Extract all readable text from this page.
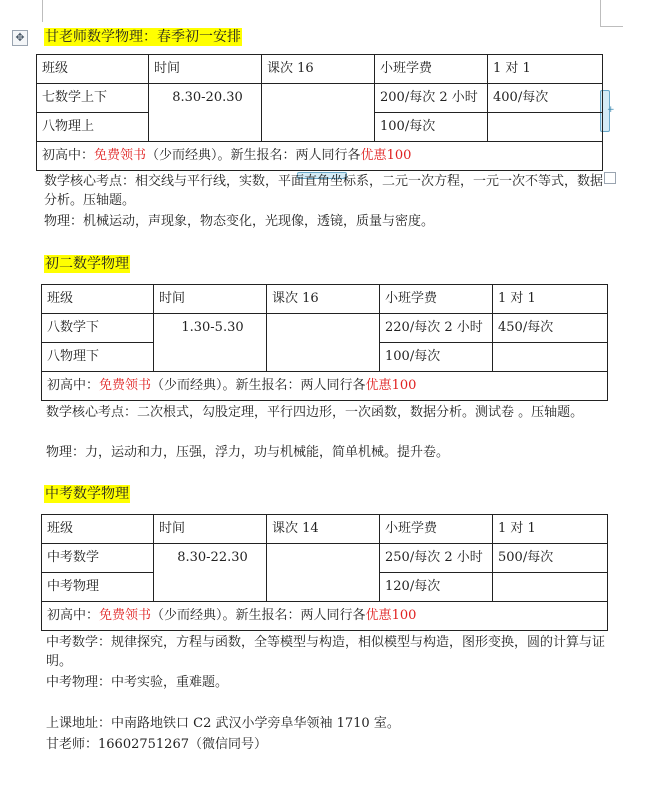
✥
+
甘老师数学物理：春季初一安排
班级	时间	课次 16	小班学费	1 对 1
七数学上下	8.30-20.30		200/每次 2 小时	400/每次
八物理上			100/每次	
初高中：免费领书（少而经典）。新生报名：两人同行各优惠100				
数学核心考点：相交线与平行线，实数，平面直角坐标系，二元一次方程，一元一次不等式，数据分析。压轴题。
物理：机械运动，声现象，物态变化，光现像，透镜，质量与密度。
初二数学物理
班级	时间	课次 16	小班学费	1 对 1
八数学下	1.30-5.30		220/每次 2 小时	450/每次
八物理下			100/每次	
初高中：免费领书（少而经典）。新生报名：两人同行各优惠100				
数学核心考点：二次根式，勾股定理，平行四边形，一次函数，数据分析。测试卷 。压轴题。
物理：力，运动和力，压强，浮力，功与机械能，简单机械。提升卷。
中考数学物理
班级	时间	课次 14	小班学费	1 对 1
中考数学	8.30-22.30		250/每次 2 小时	500/每次
中考物理			120/每次	
初高中：免费领书（少而经典）。新生报名：两人同行各优惠100				
中考数学：规律探究，方程与函数，全等模型与构造，相似模型与构造，图形变换，圆的计算与证明。
中考物理：中考实验，重难题。
上课地址：中南路地铁口 C2 武汉小学旁阜华领袖 1710 室。
甘老师：16602751267（微信同号）
